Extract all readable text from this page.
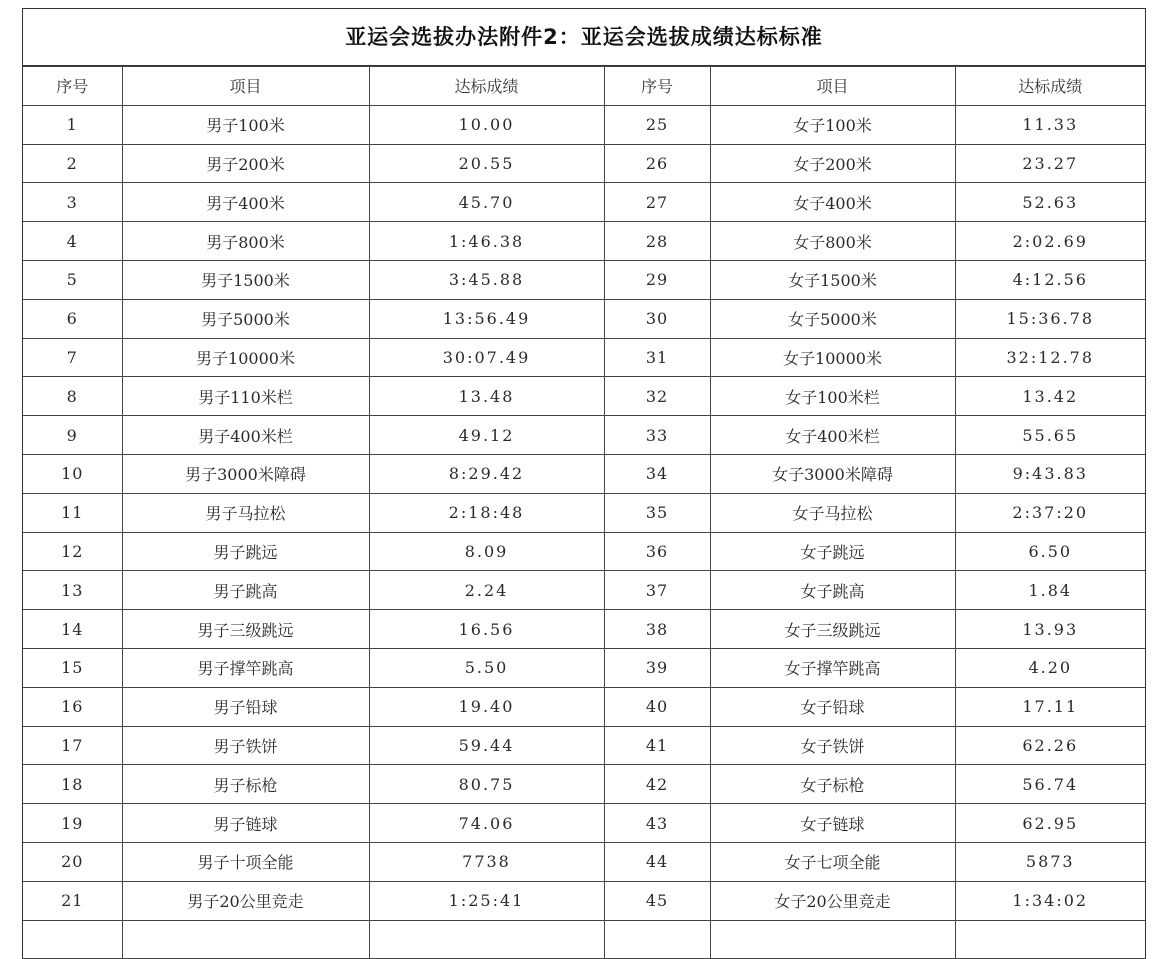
亚运会选拔办法附件2：亚运会选拔成绩达标标准
序号	项目	达标成绩	序号	项目	达标成绩
1	男子100米	10.00	25	女子100米	11.33
2	男子200米	20.55	26	女子200米	23.27
3	男子400米	45.70	27	女子400米	52.63
4	男子800米	1:46.38	28	女子800米	2:02.69
5	男子1500米	3:45.88	29	女子1500米	4:12.56
6	男子5000米	13:56.49	30	女子5000米	15:36.78
7	男子10000米	30:07.49	31	女子10000米	32:12.78
8	男子110米栏	13.48	32	女子100米栏	13.42
9	男子400米栏	49.12	33	女子400米栏	55.65
10	男子3000米障碍	8:29.42	34	女子3000米障碍	9:43.83
11	男子马拉松	2:18:48	35	女子马拉松	2:37:20
12	男子跳远	8.09	36	女子跳远	6.50
13	男子跳高	2.24	37	女子跳高	1.84
14	男子三级跳远	16.56	38	女子三级跳远	13.93
15	男子撑竿跳高	5.50	39	女子撑竿跳高	4.20
16	男子铅球	19.40	40	女子铅球	17.11
17	男子铁饼	59.44	41	女子铁饼	62.26
18	男子标枪	80.75	42	女子标枪	56.74
19	男子链球	74.06	43	女子链球	62.95
20	男子十项全能	7738	44	女子七项全能	5873
21	男子20公里竞走	1:25:41	45	女子20公里竞走	1:34:02
